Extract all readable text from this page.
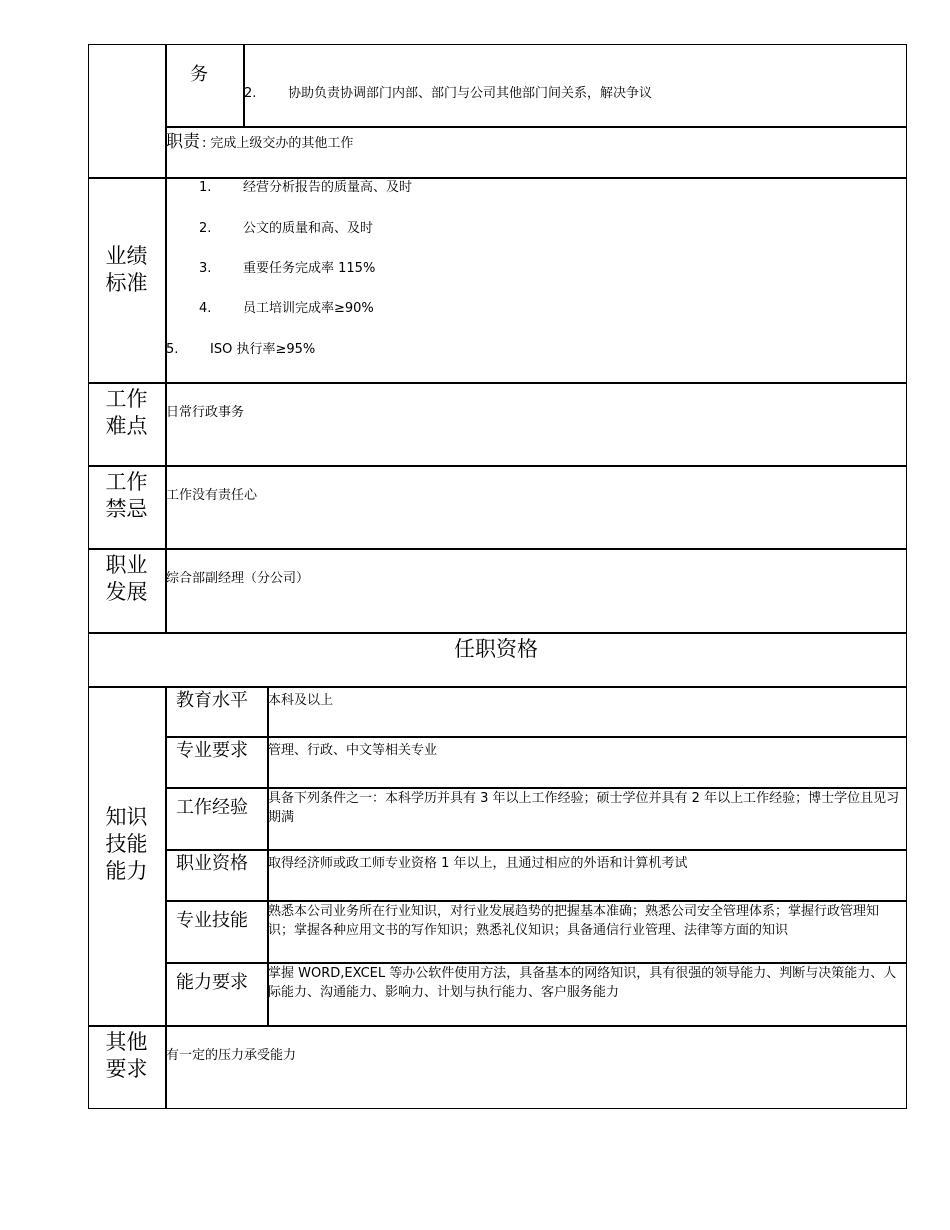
务
2. 协助负责协调部门内部、部门与公司其他部门间关系，解决争议
职责 : 完成上级交办的其他工作
业绩
标准
1. 经营分析报告的质量高、及时
2. 公文的质量和高、及时
3. 重要任务完成率 115%
4. 员工培训完成率≥90%
5. ISO 执行率≥95%
工作
难点
日常行政事务
工作
禁忌
工作没有责任心
职业
发展
综合部副经理（分公司）
任职资格
知识
技能
能力
教育水平 本科及以上
专业要求 管理、行政、中文等相关专业
工作经验 具备下列条件之一：本科学历并具有 3 年以上工作经验；硕士学位并具有 2 年以上工作经验；博士学位且见习期满
职业资格 取得经济师或政工师专业资格 1 年以上，且通过相应的外语和计算机考试
专业技能 熟悉本公司业务所在行业知识，对行业发展趋势的把握基本准确；熟悉公司安全管理体系；掌握行政管理知识；掌握各种应用文书的写作知识；熟悉礼仪知识；具备通信行业管理、法律等方面的知识
能力要求 掌握 WORD,EXCEL 等办公软件使用方法，具备基本的网络知识，具有很强的领导能力、判断与决策能力、人际能力、沟通能力、影响力、计划与执行能力、客户服务能力
其他
要求
有一定的压力承受能力
